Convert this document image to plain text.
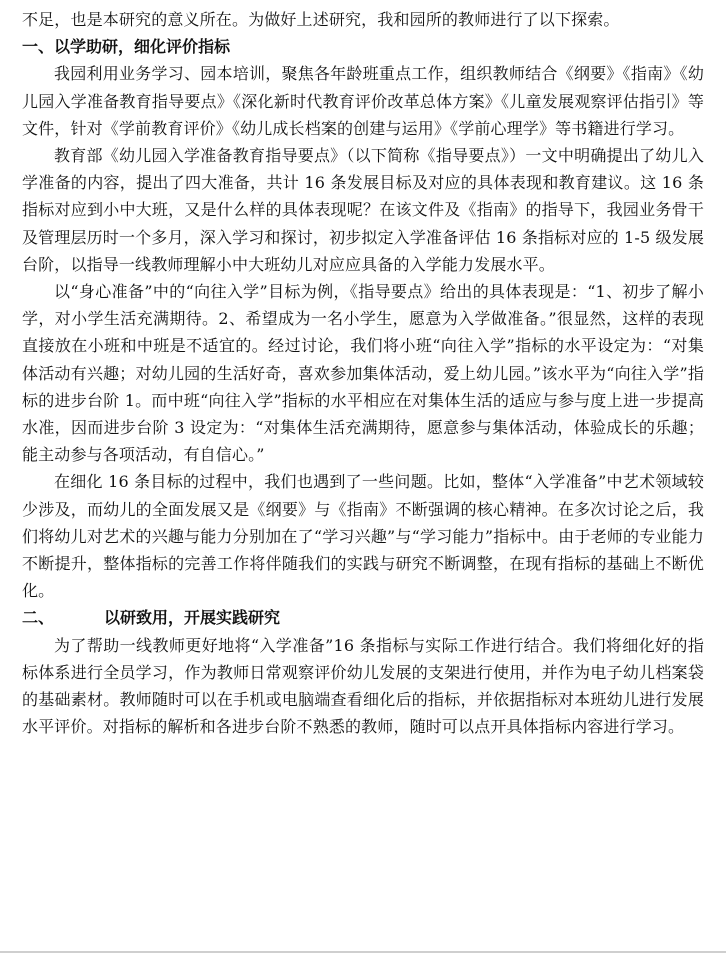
不足，也是本研究的意义所在。为做好上述研究，我和园所的教师进行了以下探索。

一、以学助研，细化评价指标

我园利用业务学习、园本培训，聚焦各年龄班重点工作，组织教师结合《纲要》《指南》《幼儿园入学准备教育指导要点》《深化新时代教育评价改革总体方案》《儿童发展观察评估指引》等文件，针对《学前教育评价》《幼儿成长档案的创建与运用》《学前心理学》等书籍进行学习。

教育部《幼儿园入学准备教育指导要点》（以下简称《指导要点》）一文中明确提出了幼儿入学准备的内容，提出了四大准备，共计 16 条发展目标及对应的具体表现和教育建议。这 16 条指标对应到小中大班，又是什么样的具体表现呢？在该文件及《指南》的指导下，我园业务骨干及管理层历时一个多月，深入学习和探讨，初步拟定入学准备评估 16 条指标对应的 1-5 级发展台阶，以指导一线教师理解小中大班幼儿对应应具备的入学能力发展水平。

以“身心准备”中的“向往入学”目标为例，《指导要点》给出的具体表现是：“1、初步了解小学，对小学生活充满期待。2、希望成为一名小学生，愿意为入学做准备。”很显然，这样的表现直接放在小班和中班是不适宜的。经过讨论，我们将小班“向往入学”指标的水平设定为：“对集体活动有兴趣；对幼儿园的生活好奇，喜欢参加集体活动，爱上幼儿园。”该水平为“向往入学”指标的进步台阶 1。而中班“向往入学”指标的水平相应在对集体生活的适应与参与度上进一步提高水准，因而进步台阶 3 设定为：“对集体生活充满期待，愿意参与集体活动，体验成长的乐趣；能主动参与各项活动，有自信心。”

在细化 16 条目标的过程中，我们也遇到了一些问题。比如，整体“入学准备”中艺术领域较少涉及，而幼儿的全面发展又是《纲要》与《指南》不断强调的核心精神。在多次讨论之后，我们将幼儿对艺术的兴趣与能力分别加在了“学习兴趣”与“学习能力”指标中。由于老师的专业能力不断提升，整体指标的完善工作将伴随我们的实践与研究不断调整，在现有指标的基础上不断优化。

二、	以研致用，开展实践研究

为了帮助一线教师更好地将“入学准备”16 条指标与实际工作进行结合。我们将细化好的指标体系进行全员学习，作为教师日常观察评价幼儿发展的支架进行使用，并作为电子幼儿档案袋的基础素材。教师随时可以在手机或电脑端查看细化后的指标，并依据指标对本班幼儿进行发展水平评价。对指标的解析和各进步台阶不熟悉的教师，随时可以点开具体指标内容进行学习。
